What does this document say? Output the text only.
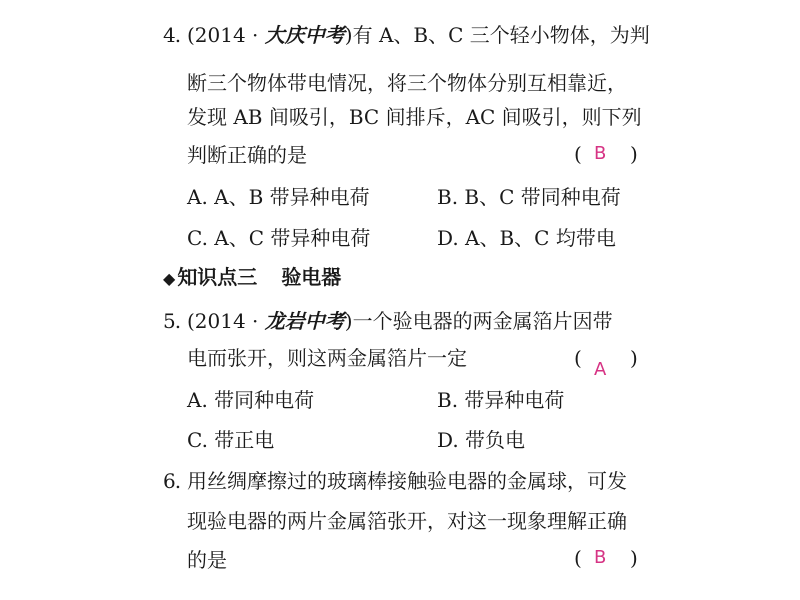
4. (2014 · 大庆中考)有 A、B、C 三个轻小物体，为判
断三个物体带电情况，将三个物体分别互相靠近，
发现 AB 间吸引，BC 间排斥，AC 间吸引，则下列
判断正确的是	( B )
A. A、B 带异种电荷	B. B、C 带同种电荷
C. A、C 带异种电荷	D. A、B、C 均带电
◆ 知识点三 验电器
5. (2014 · 龙岩中考)一个验电器的两金属箔片因带
电而张开，则这两金属箔片一定	( A )
A. 带同种电荷	B. 带异种电荷
C. 带正电	D. 带负电
6. 用丝绸摩擦过的玻璃棒接触验电器的金属球，可发
现验电器的两片金属箔张开，对这一现象理解正确
的是	( B )
